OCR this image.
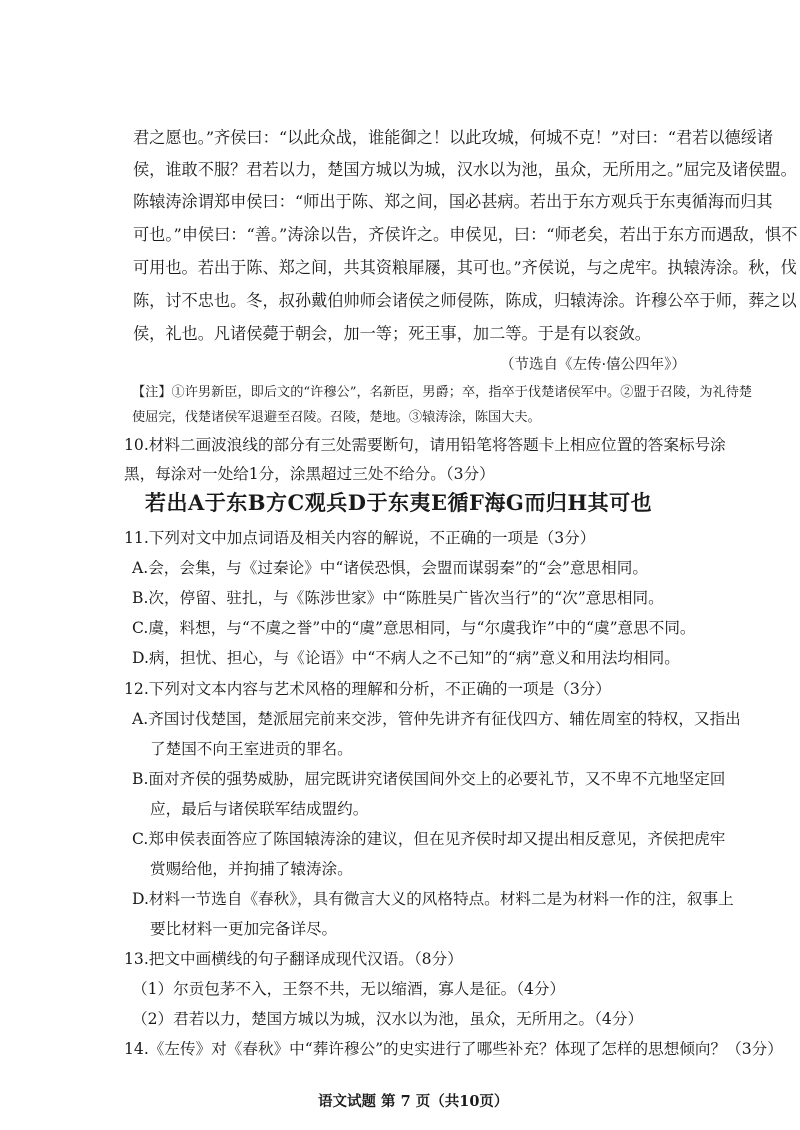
君之愿也。”齐侯曰：“以此众战，谁能御之！以此攻城，何城不克！”对曰：“君若以德绥诸
侯，谁敢不服？君若以力，楚国方城以为城，汉水以为池，虽众，无所用之。”屈完及诸侯盟。
陈辕涛涂谓郑申侯曰：“师出于陈、郑之间，国必甚病。若出于东方观兵于东夷循海而归其
可也。”申侯曰：“善。”涛涂以告，齐侯许之。申侯见，曰：“师老矣，若出于东方而遇敌，惧不
可用也。若出于陈、郑之间，共其资粮屝屦，其可也。”齐侯说，与之虎牢。执辕涛涂。秋，伐
陈，讨不忠也。冬，叔孙戴伯帅师会诸侯之师侵陈，陈成，归辕涛涂。许穆公卒于师，葬之以
侯，礼也。凡诸侯薨于朝会，加一等；死王事，加二等。于是有以衮敛。
（节选自《左传·僖公四年》）
【注】①许男新臣，即后文的“许穆公”，名新臣，男爵；卒，指卒于伐楚诸侯军中。②盟于召陵，为礼待楚
使屈完，伐楚诸侯军退避至召陵。召陵，楚地。③辕涛涂，陈国大夫。
10.材料二画波浪线的部分有三处需要断句，请用铅笔将答题卡上相应位置的答案标号涂
黑，每涂对一处给1分，涂黑超过三处不给分。（3分）
若出A于东B方C观兵D于东夷E循F海G而归H其可也
11.下列对文中加点词语及相关内容的解说，不正确的一项是（3分）
A.会，会集，与《过秦论》中“诸侯恐惧，会盟而谋弱秦”的“会”意思相同。
B.次，停留、驻扎，与《陈涉世家》中“陈胜吴广皆次当行”的“次”意思相同。
C.虞，料想，与“不虞之誉”中的“虞”意思相同，与“尔虞我诈”中的“虞”意思不同。
D.病，担忧、担心，与《论语》中“不病人之不己知”的“病”意义和用法均相同。
12.下列对文本内容与艺术风格的理解和分析，不正确的一项是（3分）
A.齐国讨伐楚国，楚派屈完前来交涉，管仲先讲齐有征伐四方、辅佐周室的特权，又指出
了楚国不向王室进贡的罪名。
B.面对齐侯的强势威胁，屈完既讲究诸侯国间外交上的必要礼节，又不卑不亢地坚定回
应，最后与诸侯联军结成盟约。
C.郑申侯表面答应了陈国辕涛涂的建议，但在见齐侯时却又提出相反意见，齐侯把虎牢
赏赐给他，并拘捕了辕涛涂。
D.材料一节选自《春秋》，具有微言大义的风格特点。材料二是为材料一作的注，叙事上
要比材料一更加完备详尽。
13.把文中画横线的句子翻译成现代汉语。（8分）
（1）尔贡包茅不入，王祭不共，无以缩酒，寡人是征。（4分）
（2）君若以力，楚国方城以为城，汉水以为池，虽众，无所用之。（4分）
14.《左传》对《春秋》中“葬许穆公”的史实进行了哪些补充？体现了怎样的思想倾向？（3分）
语文试题 第 7 页（共10页）
